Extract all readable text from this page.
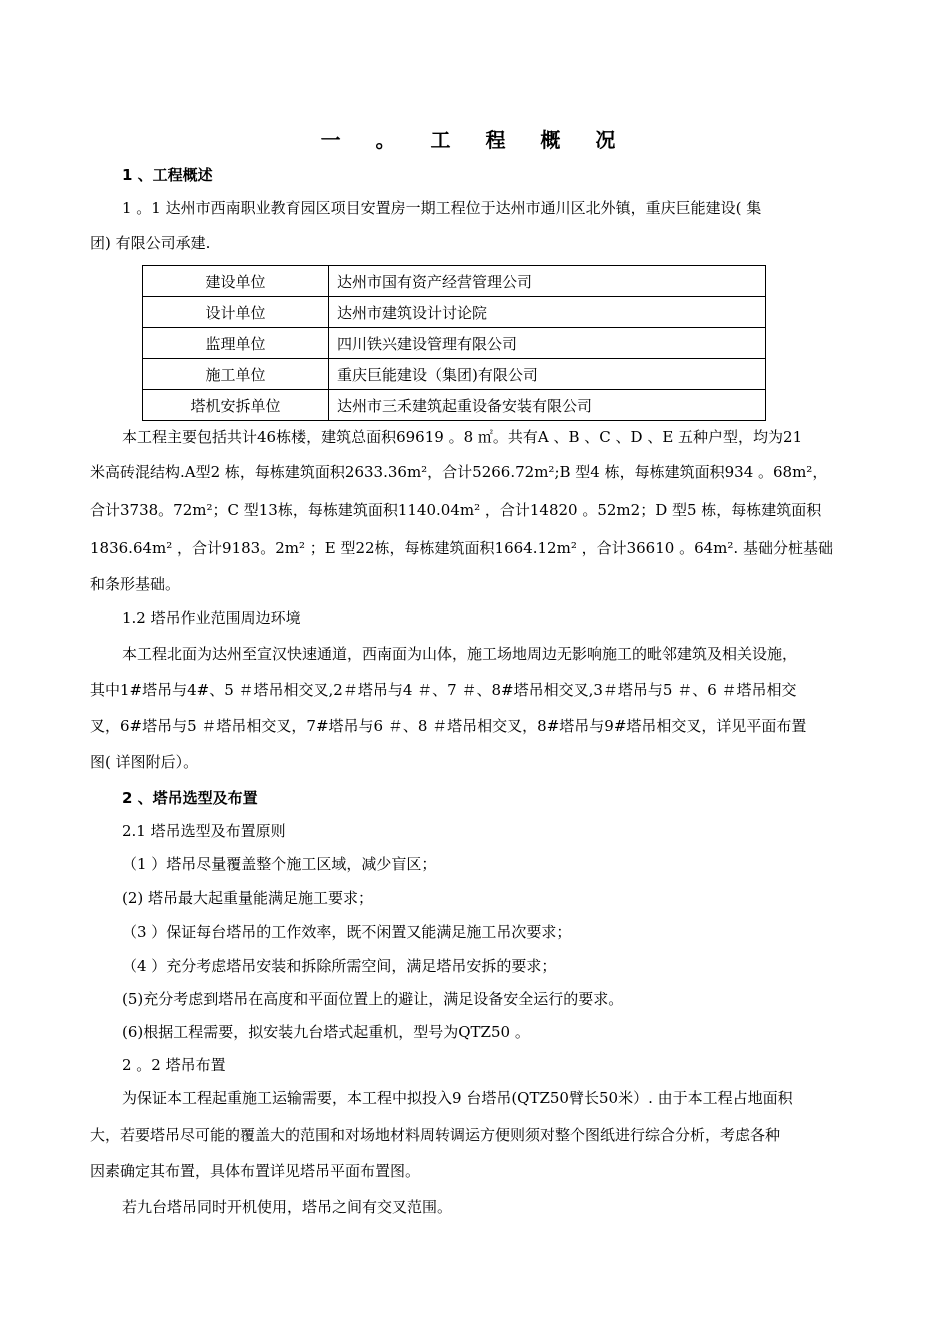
一 。 工 程 概 况
1 、工程概述
1 。1 达州市西南职业教育园区项目安置房一期工程位于达州市通川区北外镇，重庆巨能建设( 集
团) 有限公司承建.
建设单位	达州市国有资产经营管理公司
设计单位	达州市建筑设计讨论院
监理单位	四川铁兴建设管理有限公司
施工单位	重庆巨能建设（集团)有限公司
塔机安拆单位	达州市三禾建筑起重设备安装有限公司
本工程主要包括共计46栋楼，建筑总面积69619 。8 ㎡。共有A 、B 、C 、D 、E 五种户型，均为21
米高砖混结构.A型2 栋，每栋建筑面积2633.36m²，合计5266.72m²;B 型4 栋，每栋建筑面积934 。68m²，
合计3738。72m²；C 型13栋，每栋建筑面积1140.04m² ，合计14820 。52m2；D 型5 栋，每栋建筑面积
1836.64m² ，合计9183。2m² ；E 型22栋，每栋建筑面积1664.12m² ，合计36610 。64m². 基础分桩基础
和条形基础。
1.2 塔吊作业范围周边环境
本工程北面为达州至宣汉快速通道，西南面为山体，施工场地周边无影响施工的毗邻建筑及相关设施，
其中1#塔吊与4#、5 ＃塔吊相交叉,2＃塔吊与4 ＃、7 ＃、8#塔吊相交叉,3＃塔吊与5 ＃、6 ＃塔吊相交
叉，6#塔吊与5 ＃塔吊相交叉，7#塔吊与6 ＃、8 ＃塔吊相交叉，8#塔吊与9#塔吊相交叉，详见平面布置
图( 详图附后）。
2 、塔吊选型及布置
2.1 塔吊选型及布置原则
（1 ）塔吊尽量覆盖整个施工区域，减少盲区；
(2) 塔吊最大起重量能满足施工要求；
（3 ）保证每台塔吊的工作效率，既不闲置又能满足施工吊次要求；
（4 ）充分考虑塔吊安装和拆除所需空间，满足塔吊安拆的要求；
(5)充分考虑到塔吊在高度和平面位置上的避让，满足设备安全运行的要求。
(6)根据工程需要，拟安装九台塔式起重机，型号为QTZ50 。
2 。2 塔吊布置
为保证本工程起重施工运输需要，本工程中拟投入9 台塔吊(QTZ50臂长50米）. 由于本工程占地面积
大，若要塔吊尽可能的覆盖大的范围和对场地材料周转调运方便则须对整个图纸进行综合分析，考虑各种
因素确定其布置，具体布置详见塔吊平面布置图。
若九台塔吊同时开机使用，塔吊之间有交叉范围。
